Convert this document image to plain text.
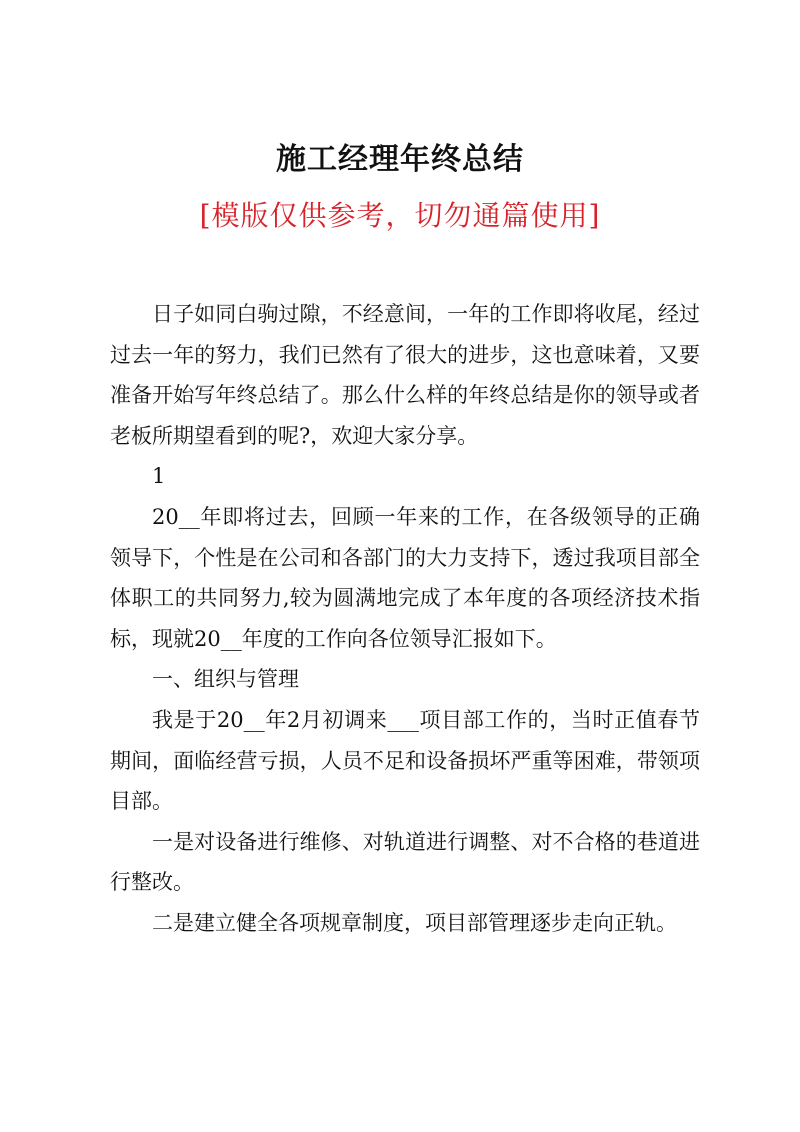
施工经理年终总结
[模版仅供参考，切勿通篇使用]

日子如同白驹过隙，不经意间，一年的工作即将收尾，经过过去一年的努力，我们已然有了很大的进步，这也意味着，又要准备开始写年终总结了。那么什么样的年终总结是你的领导或者老板所期望看到的呢?，欢迎大家分享。

1

20__年即将过去，回顾一年来的工作，在各级领导的正确领导下，个性是在公司和各部门的大力支持下，透过我项目部全体职工的共同努力,较为圆满地完成了本年度的各项经济技术指标，现就20__年度的工作向各位领导汇报如下。

一、组织与管理

我是于20__年2月初调来___项目部工作的，当时正值春节期间，面临经营亏损，人员不足和设备损坏严重等困难，带领项目部。

一是对设备进行维修、对轨道进行调整、对不合格的巷道进行整改。

二是建立健全各项规章制度，项目部管理逐步走向正轨。
